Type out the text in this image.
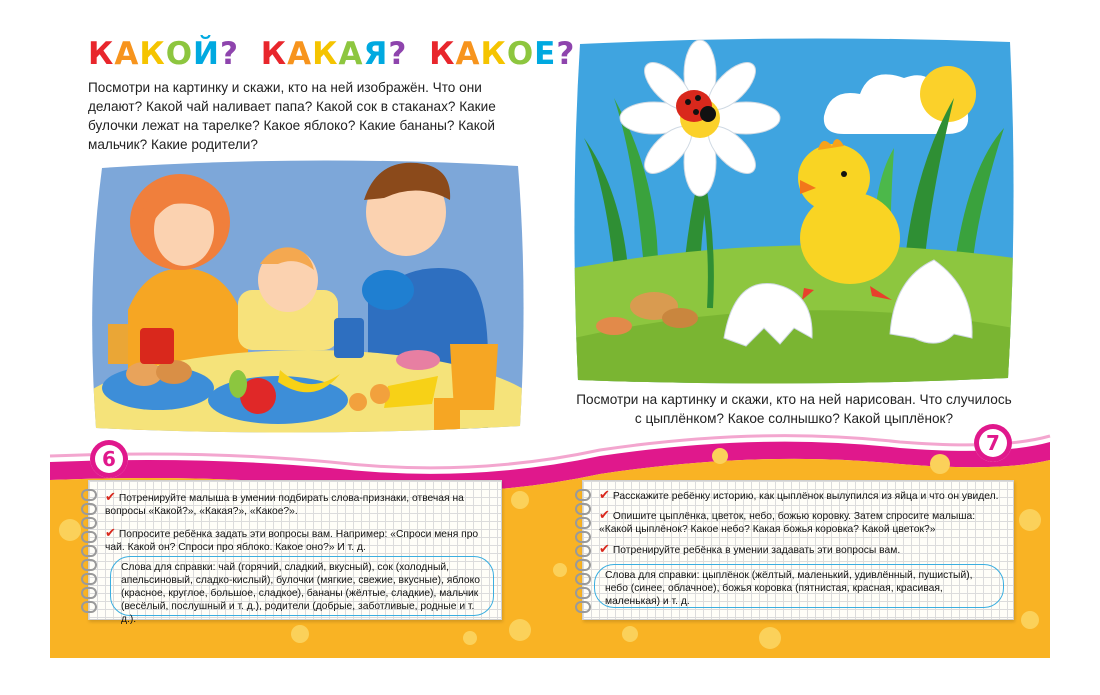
КАКОЙ? КАКАЯ? КАКОЕ?

Посмотри на картинку и скажи, кто на ней изображён. Что они делают? Какой чай наливает папа? Какой сок в стаканах? Какие булочки лежат на тарелке? Какое яблоко? Какие бананы? Какой мальчик? Какие родители?

Посмотри на картинку и скажи, кто на ней нарисован. Что случилось с цыплёнком? Какое солнышко? Какой цыплёнок?

6
7

✔ Потренируйте малыша в умении подбирать слова-признаки, отвечая на вопросы «Какой?», «Какая?», «Какое?».

✔ Попросите ребёнка задать эти вопросы вам. Например: «Спроси меня про чай. Какой он? Спроси про яблоко. Какое оно?» И т. д.

Слова для справки: чай (горячий, сладкий, вкусный), сок (холодный, апельсиновый, сладко-кислый), булочки (мягкие, свежие, вкусные), яблоко (красное, круглое, большое, сладкое), бананы (жёлтые, сладкие), мальчик (весёлый, послушный и т. д.), родители (добрые, заботливые, родные и т. д.).

✔ Расскажите ребёнку историю, как цыплёнок вылупился из яйца и что он увидел.

✔ Опишите цыплёнка, цветок, небо, божью коровку. Затем спросите малыша: «Какой цыплёнок? Какое небо? Какая божья коровка? Какой цветок?»

✔ Потренируйте ребёнка в умении задавать эти вопросы вам.

Слова для справки: цыплёнок (жёлтый, маленький, удивлённый, пушистый), небо (синее, облачное), божья коровка (пятнистая, красная, красивая, маленькая) и т. д.
